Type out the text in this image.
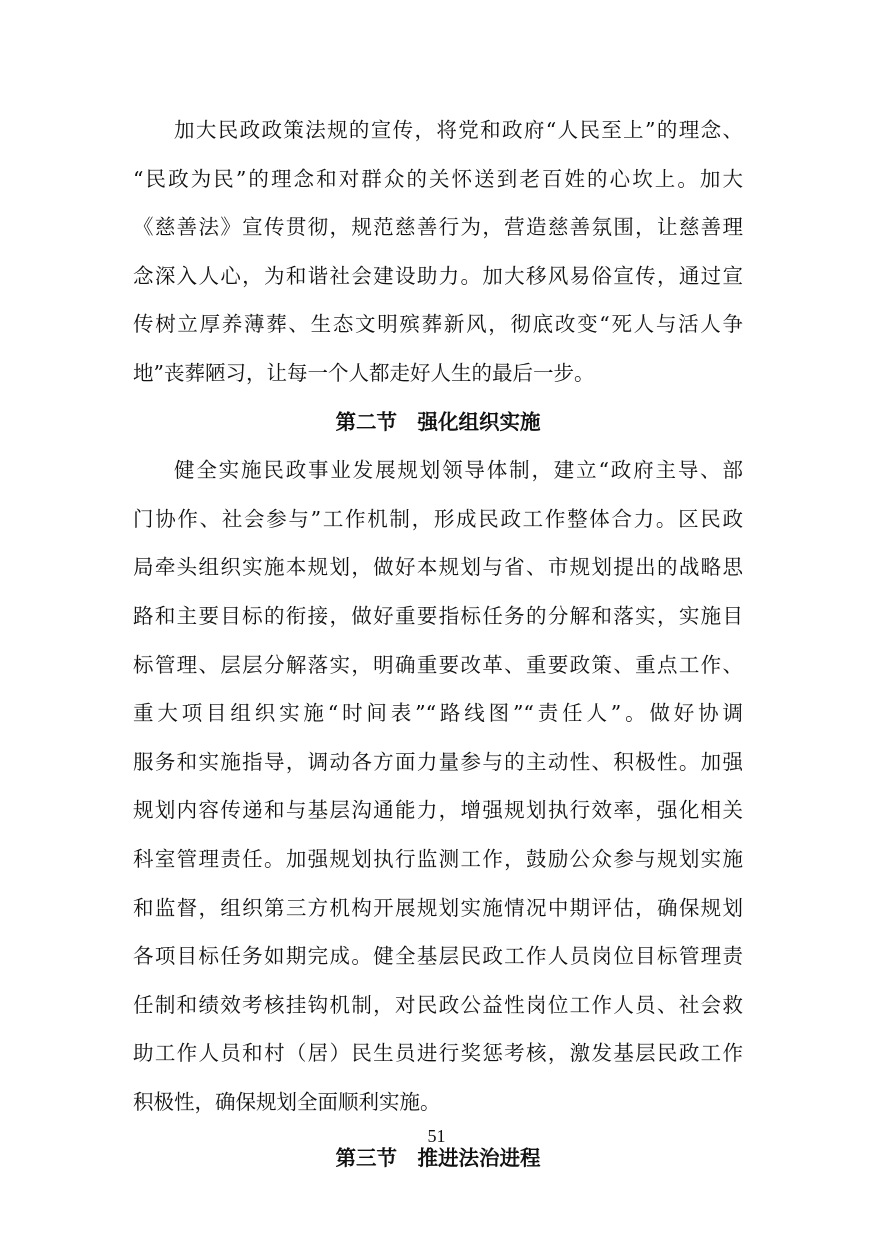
加大民政政策法规的宣传，将党和政府“人民至上”的理念、
“民政为民”的理念和对群众的关怀送到老百姓的心坎上。加大
《慈善法》宣传贯彻，规范慈善行为，营造慈善氛围，让慈善理
念深入人心，为和谐社会建设助力。加大移风易俗宣传，通过宣
传树立厚养薄葬、生态文明殡葬新风，彻底改变“死人与活人争
地”丧葬陋习，让每一个人都走好人生的最后一步。
第二节　强化组织实施
健全实施民政事业发展规划领导体制，建立“政府主导、部
门协作、社会参与”工作机制，形成民政工作整体合力。区民政
局牵头组织实施本规划，做好本规划与省、市规划提出的战略思
路和主要目标的衔接，做好重要指标任务的分解和落实，实施目
标管理、层层分解落实，明确重要改革、重要政策、重点工作、
重大项目组织实施“时间表”“路线图”“责任人”。做好协调
服务和实施指导，调动各方面力量参与的主动性、积极性。加强
规划内容传递和与基层沟通能力，增强规划执行效率，强化相关
科室管理责任。加强规划执行监测工作，鼓励公众参与规划实施
和监督，组织第三方机构开展规划实施情况中期评估，确保规划
各项目标任务如期完成。健全基层民政工作人员岗位目标管理责
任制和绩效考核挂钩机制，对民政公益性岗位工作人员、社会救
助工作人员和村（居）民生员进行奖惩考核，激发基层民政工作
积极性，确保规划全面顺利实施。
第三节　推进法治进程
51
